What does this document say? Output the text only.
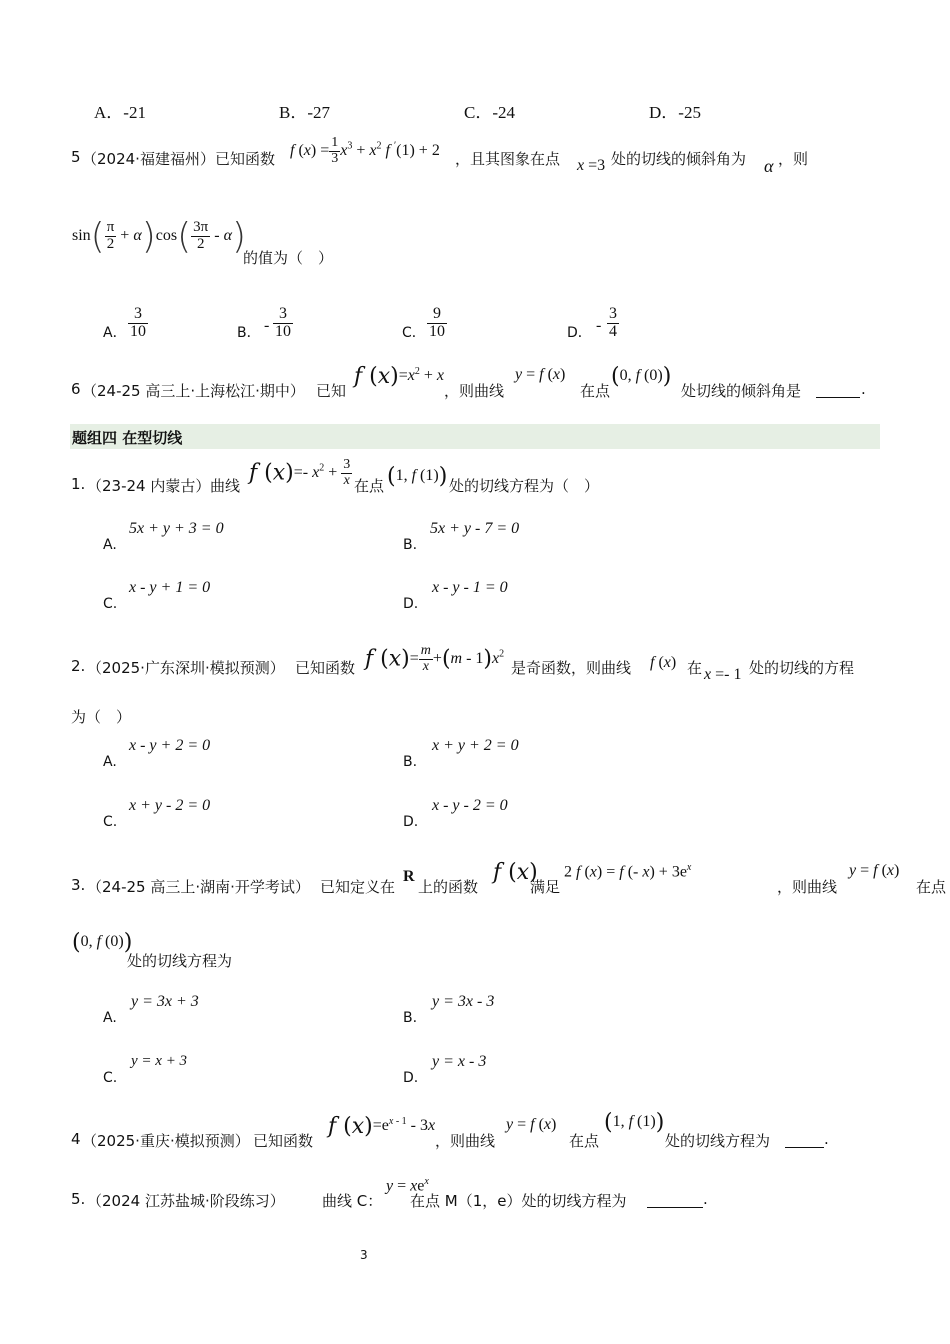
A．-21	B．-27	C．-24	D．-25
5 （2024·福建福州） 已知函数 f $(x) = \frac{1}{3} x^3 + x^2$ f ′(1) + 2 ，且其图象在点 x =3 处的切线的倾斜角为 α ，则
$\sin( \frac{\pi}{2} + \alpha)\cos( \frac{3\pi}{2} - \alpha)$
的值为（　）
A． $\frac{3}{10}$	B． - $\frac{3}{10}$	C． $\frac{9}{10}$	D． - $\frac{3}{4}$
6 （24-25 高三上·上海松江·期中） 已知
f $(x)=x^2 + x$
，则曲线
y = f (x)
在点
(0, f (0))
处切线的倾斜角是	.
题组四 在型切线
1. （23-24 内蒙古） 曲线
f (x)=- $x^2 + \frac{3}{x}$ 在点 (1, f (1)) 处的切线方程为（　）
A.
5x + y + 3 = 0
B.
5x + y - 7 = 0
C.
x - y + 1 = 0
D.
x - y - 1 = 0
2. （2025·广东深圳·模拟预测） 已知函数 f $(x)= \frac{m}{x} +(m - 1)x^2$
是奇函数，则曲线 f (x) 在 x =- 1 处的切线的方程
为（　）
A.
x - y + 2 = 0
B.
x + y + 2 = 0
C.
x + y - 2 = 0
D.
x - y - 2 = 0
3. （24-25 高三上·湖南·开学考试） 已知定义在
R
上的函数
f (x)
满足
2 f (x) = f (- $x) + 3e^x$
，则曲线
y = f (x)
在点
(0, f (0))
处的切线方程为
A.
y = 3x + 3
B.
y = 3x - 3
C.
y = x + 3
D.
y = x - 3
4 （2025·重庆·模拟预测） 已知函数
f $(x)=e^{x - 1} - 3x$
，则曲线
y = f (x)
在点
(1, f (1))
处的切线方程为	.
5. （2024 江苏盐城·阶段练习） 曲线 C：
$y = xe^x$
在点 M（1，e）处的切线方程为	.
3
